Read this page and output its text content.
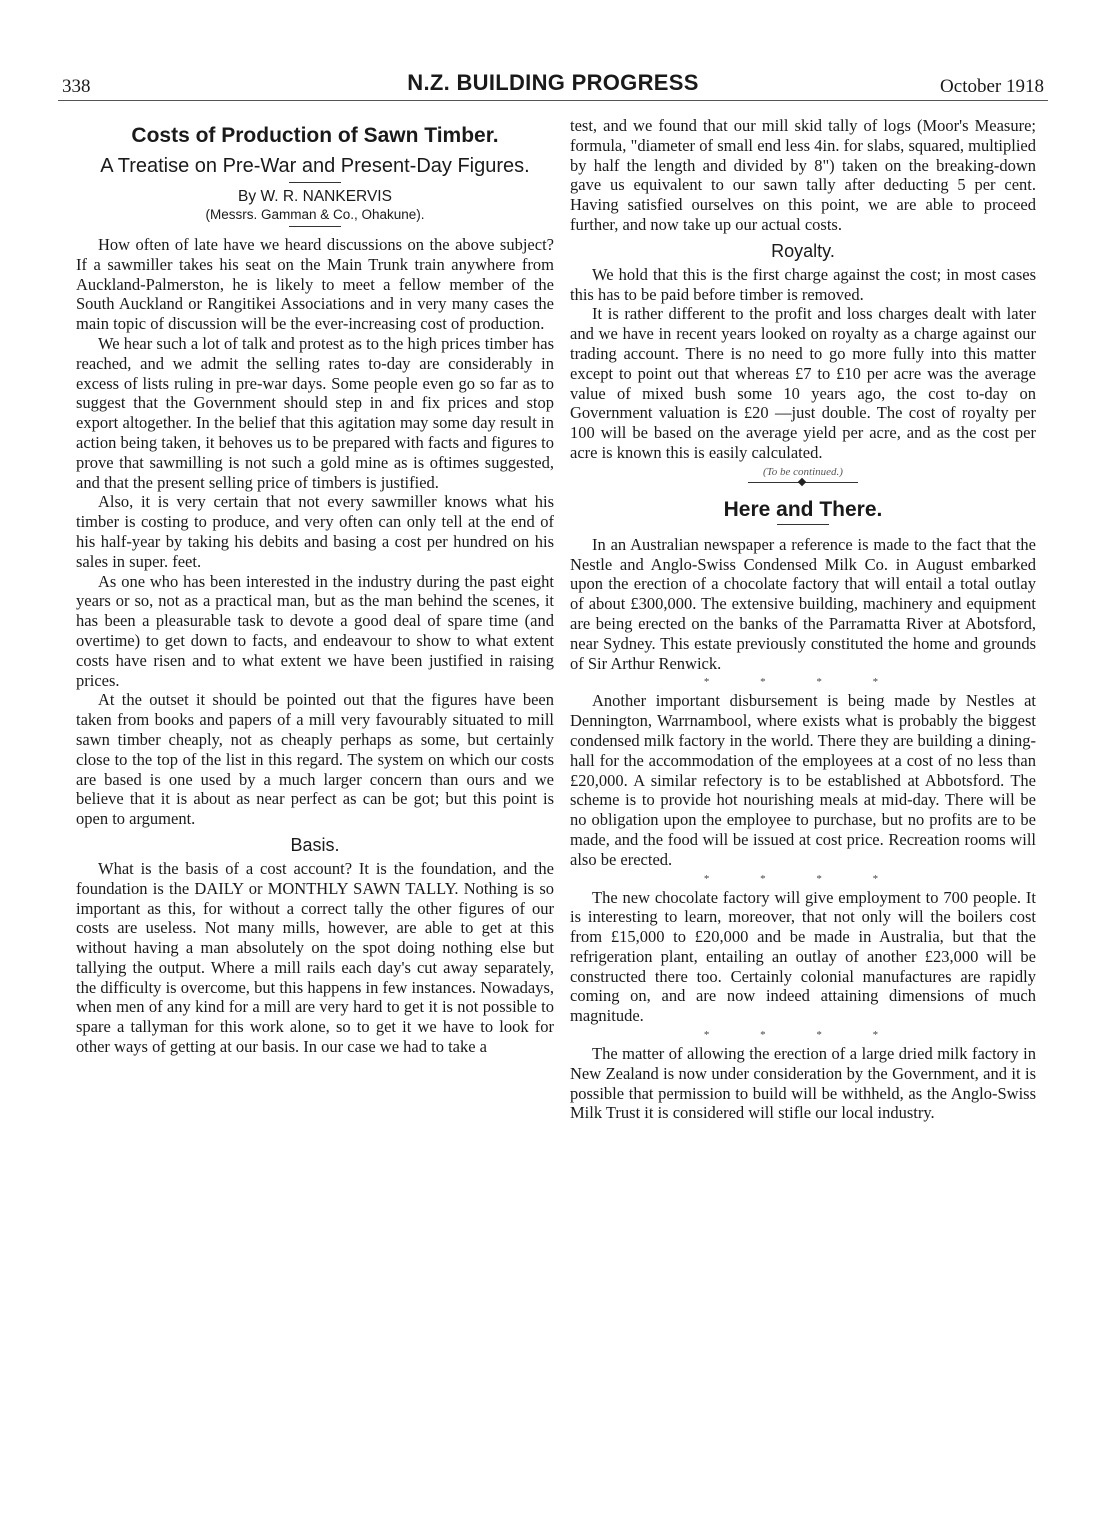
338	N.Z. BUILDING PROGRESS	October 1918
Costs of Production of Sawn Timber.
A Treatise on Pre-War and Present-Day Figures.
By W. R. NANKERVIS
(Messrs. Gamman & Co., Ohakune).

How often of late have we heard discussions on the above subject? If a sawmiller takes his seat on the Main Trunk train anywhere from Auckland-Palmerston, he is likely to meet a fellow member of the South Auckland or Rangitikei Associations and in very many cases the main topic of discussion will be the ever-increasing cost of production.

We hear such a lot of talk and protest as to the high prices timber has reached, and we admit the selling rates to-day are considerably in excess of lists ruling in pre-war days. Some people even go so far as to suggest that the Government should step in and fix prices and stop export altogether. In the belief that this agitation may some day result in action being taken, it behoves us to be prepared with facts and figures to prove that sawmilling is not such a gold mine as is oftimes suggested, and that the present selling price of timbers is justified.

Also, it is very certain that not every sawmiller knows what his timber is costing to produce, and very often can only tell at the end of his half-year by taking his debits and basing a cost per hundred on his sales in super. feet.

As one who has been interested in the industry during the past eight years or so, not as a practical man, but as the man behind the scenes, it has been a pleasurable task to devote a good deal of spare time (and overtime) to get down to facts, and endeavour to show to what extent costs have risen and to what extent we have been justified in raising prices.

At the outset it should be pointed out that the figures have been taken from books and papers of a mill very favourably situated to mill sawn timber cheaply, not as cheaply perhaps as some, but certainly close to the top of the list in this regard. The system on which our costs are based is one used by a much larger concern than ours and we believe that it is about as near perfect as can be got; but this point is open to argument.

Basis.

What is the basis of a cost account? It is the foundation, and the foundation is the DAILY or MONTHLY SAWN TALLY. Nothing is so important as this, for without a correct tally the other figures of our costs are useless. Not many mills, however, are able to get at this without having a man absolutely on the spot doing nothing else but tallying the output. Where a mill rails each day's cut away separately, the difficulty is overcome, but this happens in few instances. Nowadays, when men of any kind for a mill are very hard to get it is not possible to spare a tallyman for this work alone, so to get it we have to look for other ways of getting at our basis. In our case we had to take a

test, and we found that our mill skid tally of logs (Moor's Measure; formula, "diameter of small end less 4in. for slabs, squared, multiplied by half the length and divided by 8") taken on the breaking-down gave us equivalent to our sawn tally after deducting 5 per cent. Having satisfied ourselves on this point, we are able to proceed further, and now take up our actual costs.

Royalty.

We hold that this is the first charge against the cost; in most cases this has to be paid before timber is removed.

It is rather different to the profit and loss charges dealt with later and we have in recent years looked on royalty as a charge against our trading account. There is no need to go more fully into this matter except to point out that whereas £7 to £10 per acre was the average value of mixed bush some 10 years ago, the cost to-day on Government valuation is £20 —just double. The cost of royalty per 100 will be based on the average yield per acre, and as the cost per acre is known this is easily calculated.

(To be continued.)
Here and There.

In an Australian newspaper a reference is made to the fact that the Nestle and Anglo-Swiss Condensed Milk Co. in August embarked upon the erection of a chocolate factory that will entail a total outlay of about £300,000. The extensive building, machinery and equipment are being erected on the banks of the Parramatta River at Abotsford, near Sydney. This estate previously constituted the home and grounds of Sir Arthur Renwick.

* * * *

Another important disbursement is being made by Nestles at Dennington, Warrnambool, where exists what is probably the biggest condensed milk factory in the world. There they are building a dining-hall for the accommodation of the employees at a cost of no less than £20,000. A similar refectory is to be established at Abbotsford. The scheme is to provide hot nourishing meals at mid-day. There will be no obligation upon the employee to purchase, but no profits are to be made, and the food will be issued at cost price. Recreation rooms will also be erected.

* * * *

The new chocolate factory will give employment to 700 people. It is interesting to learn, moreover, that not only will the boilers cost from £15,000 to £20,000 and be made in Australia, but that the refrigeration plant, entailing an outlay of another £23,000 will be constructed there too. Certainly colonial manufactures are rapidly coming on, and are now indeed attaining dimensions of much magnitude.

* * * *

The matter of allowing the erection of a large dried milk factory in New Zealand is now under consideration by the Government, and it is possible that permission to build will be withheld, as the Anglo-Swiss Milk Trust it is considered will stifle our local industry.
